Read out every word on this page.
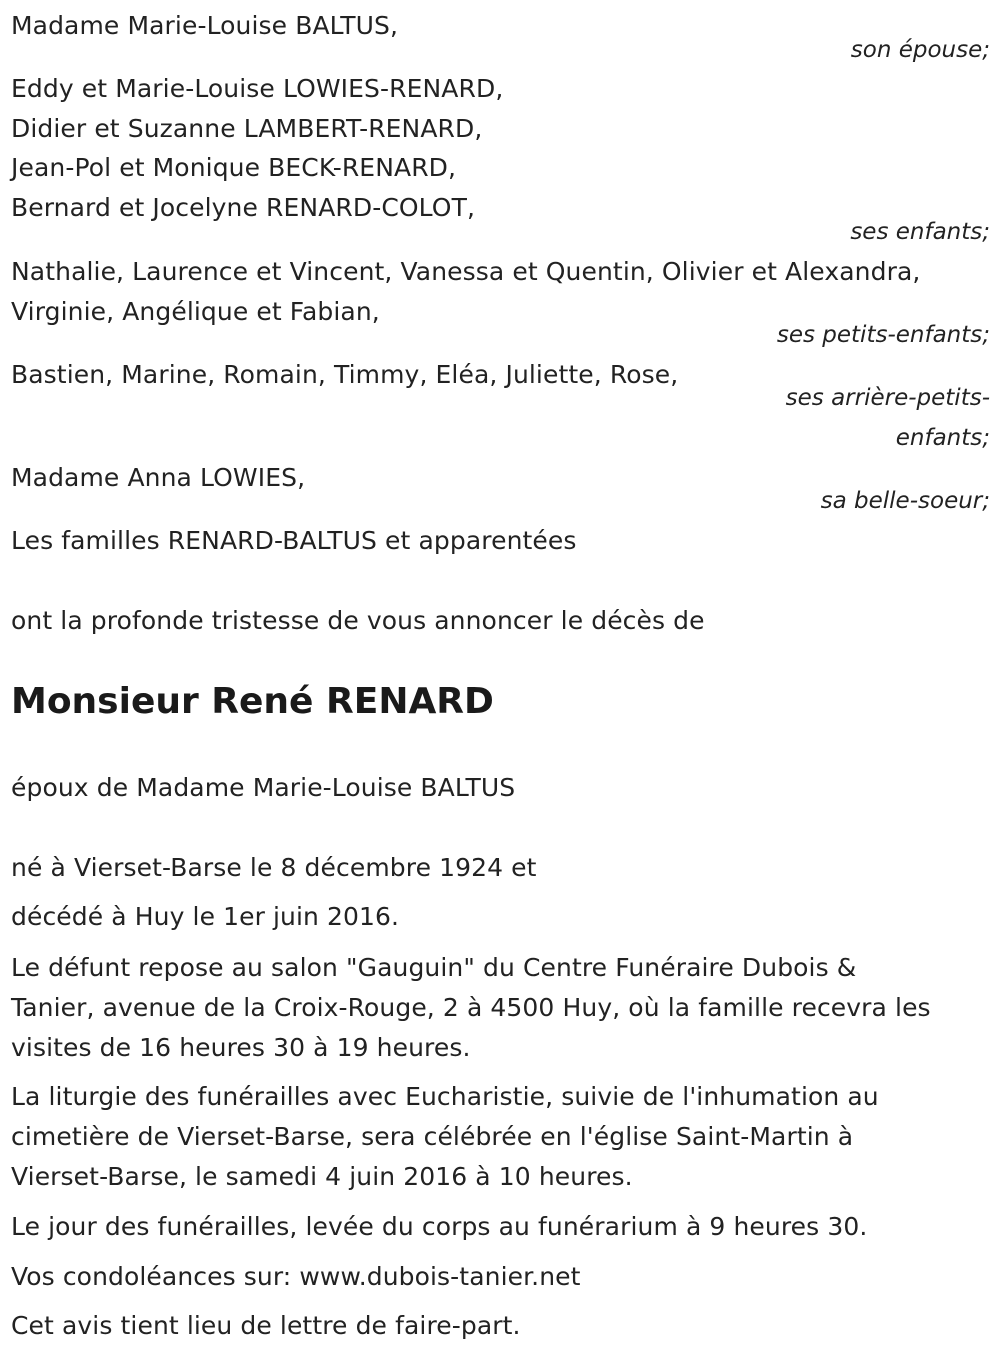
Madame Marie-Louise BALTUS,
son épouse;
Eddy et Marie-Louise LOWIES-RENARD,
Didier et Suzanne LAMBERT-RENARD,
Jean-Pol et Monique BECK-RENARD,
Bernard et Jocelyne RENARD-COLOT,
ses enfants;
Nathalie, Laurence et Vincent, Vanessa et Quentin, Olivier et Alexandra,
Virginie, Angélique et Fabian,
ses petits-enfants;
Bastien, Marine, Romain, Timmy, Eléa, Juliette, Rose,
ses arrière-petits-
enfants;
Madame Anna LOWIES,
sa belle-soeur;
Les familles RENARD-BALTUS et apparentées
ont la profonde tristesse de vous annoncer le décès de
Monsieur René RENARD
époux de Madame Marie-Louise BALTUS
né à Vierset-Barse le 8 décembre 1924 et
décédé à Huy le 1er juin 2016.
Le défunt repose au salon "Gauguin" du Centre Funéraire Dubois &
Tanier, avenue de la Croix-Rouge, 2 à 4500 Huy, où la famille recevra les
visites de 16 heures 30 à 19 heures.
La liturgie des funérailles avec Eucharistie, suivie de l'inhumation au
cimetière de Vierset-Barse, sera célébrée en l'église Saint-Martin à
Vierset-Barse, le samedi 4 juin 2016 à 10 heures.
Le jour des funérailles, levée du corps au funérarium à 9 heures 30.
Vos condoléances sur: www.dubois-tanier.net
Cet avis tient lieu de lettre de faire-part.
